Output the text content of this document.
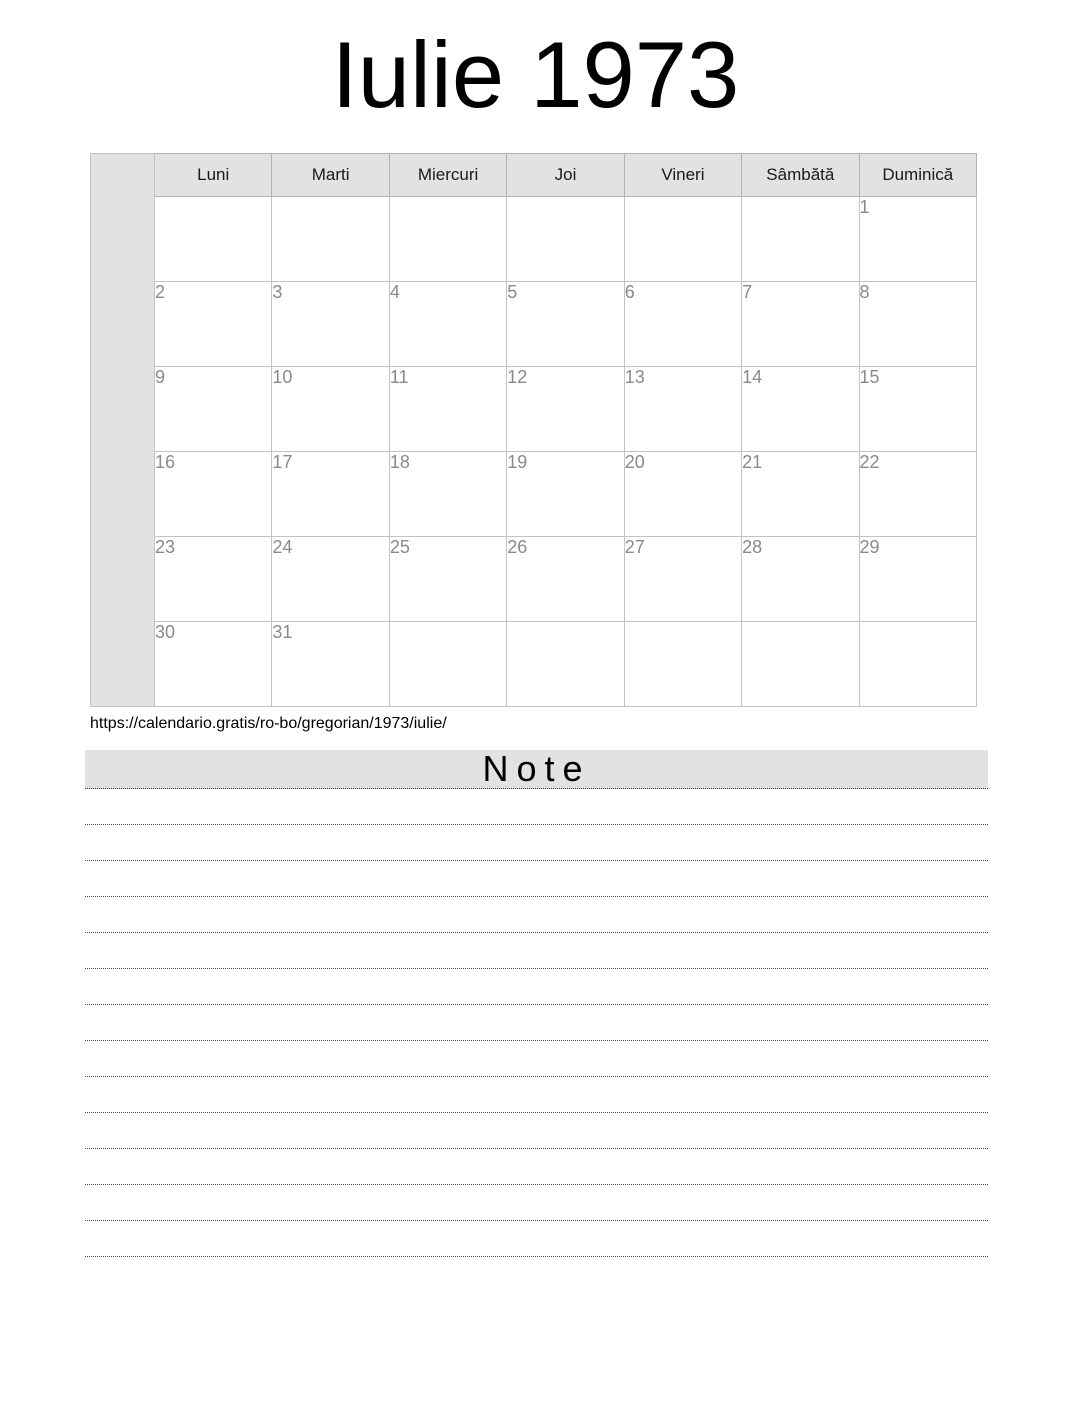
Iulie 1973
	Luni	Marti	Miercuri	Joi	Vineri	Sâmbătă	Duminică
							1
	2	3	4	5	6	7	8
	9	10	11	12	13	14	15
	16	17	18	19	20	21	22
	23	24	25	26	27	28	29
	30	31					
https://calendario.gratis/ro-bo/gregorian/1973/iulie/
Note
